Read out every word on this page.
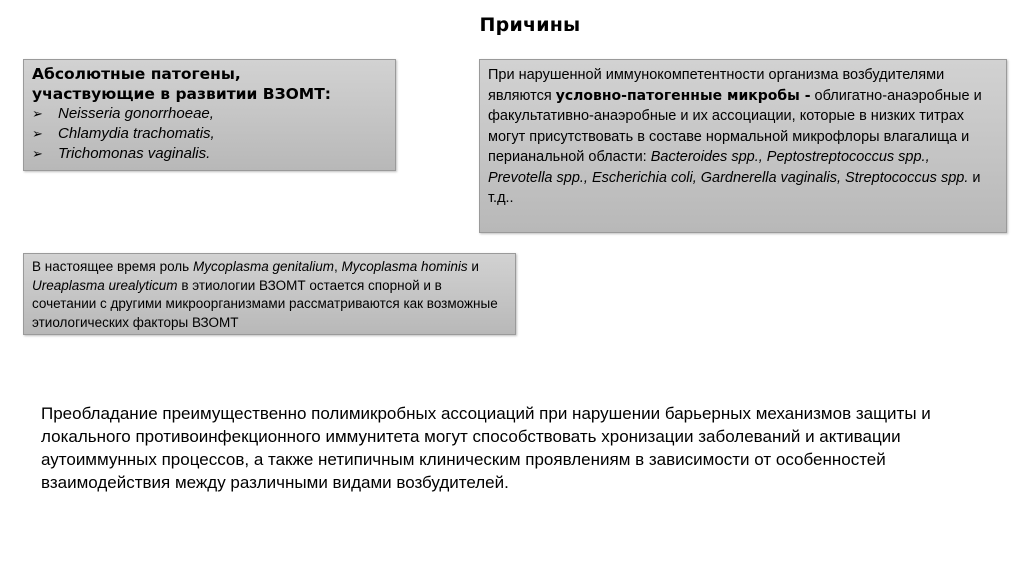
Причины
Абсолютные патогены,
участвующие в развитии ВЗОМТ:
➢	Neisseria gonorrhoeae,
➢	Chlamydia trachomatis,
➢	Trichomonas vaginalis.
При нарушенной иммунокомпетентности организма возбудителями являются условно-патогенные микробы - облигатно-анаэробные и факультативно-анаэробные и их ассоциации, которые в низких титрах могут присутствовать в составе нормальной микрофлоры влагалища и перианальной области: Bacteroides spp., Peptostreptococcus spp., Prevotella spp., Escherichia coli, Gardnerella vaginalis, Streptococcus spp. и т.д..
В настоящее время роль Mycoplasma genitalium, Mycoplasma hominis и Ureaplasma urealyticum в этиологии ВЗОМТ остается спорной и в сочетании с другими микроорганизмами рассматриваются как возможные этиологических факторы ВЗОМТ
Преобладание преимущественно полимикробных ассоциаций при нарушении барьерных механизмов защиты и локального противоинфекционного иммунитета могут способствовать хронизации заболеваний и активации аутоиммунных процессов, а также нетипичным клиническим проявлениям в зависимости от особенностей взаимодействия между различными видами возбудителей.
